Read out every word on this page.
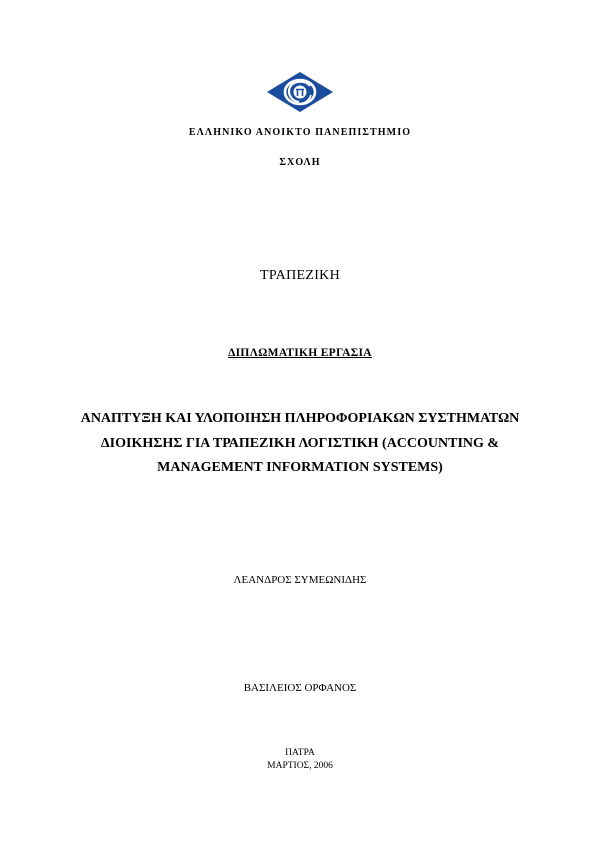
ΕΛΛΗΝΙΚΟ ΑΝΟΙΚΤΟ ΠΑΝΕΠΙΣΤΗΜΙΟ
ΣΧΟΛΗ
ΤΡΑΠΕΖΙΚΗ
ΔΙΠΛΩΜΑΤΙΚΗ ΕΡΓΑΣΙΑ
ΑΝΑΠΤΥΞΗ ΚΑΙ ΥΛΟΠΟΙΗΣΗ ΠΛΗΡΟΦΟΡΙΑΚΩΝ ΣΥΣΤΗΜΑΤΩΝ
ΔΙΟΙΚΗΣΗΣ ΓΙΑ ΤΡΑΠΕΖΙΚΗ ΛΟΓΙΣΤΙΚΗ (ACCOUNTING &
MANAGEMENT INFORMATION SYSTEMS)
ΛΕΑΝΔΡΟΣ ΣΥΜΕΩΝΙΔΗΣ
ΒΑΣΙΛΕΙΟΣ ΟΡΦΑΝΟΣ
ΠΑΤΡΑ
ΜΑΡΤΙΟΣ, 2006
